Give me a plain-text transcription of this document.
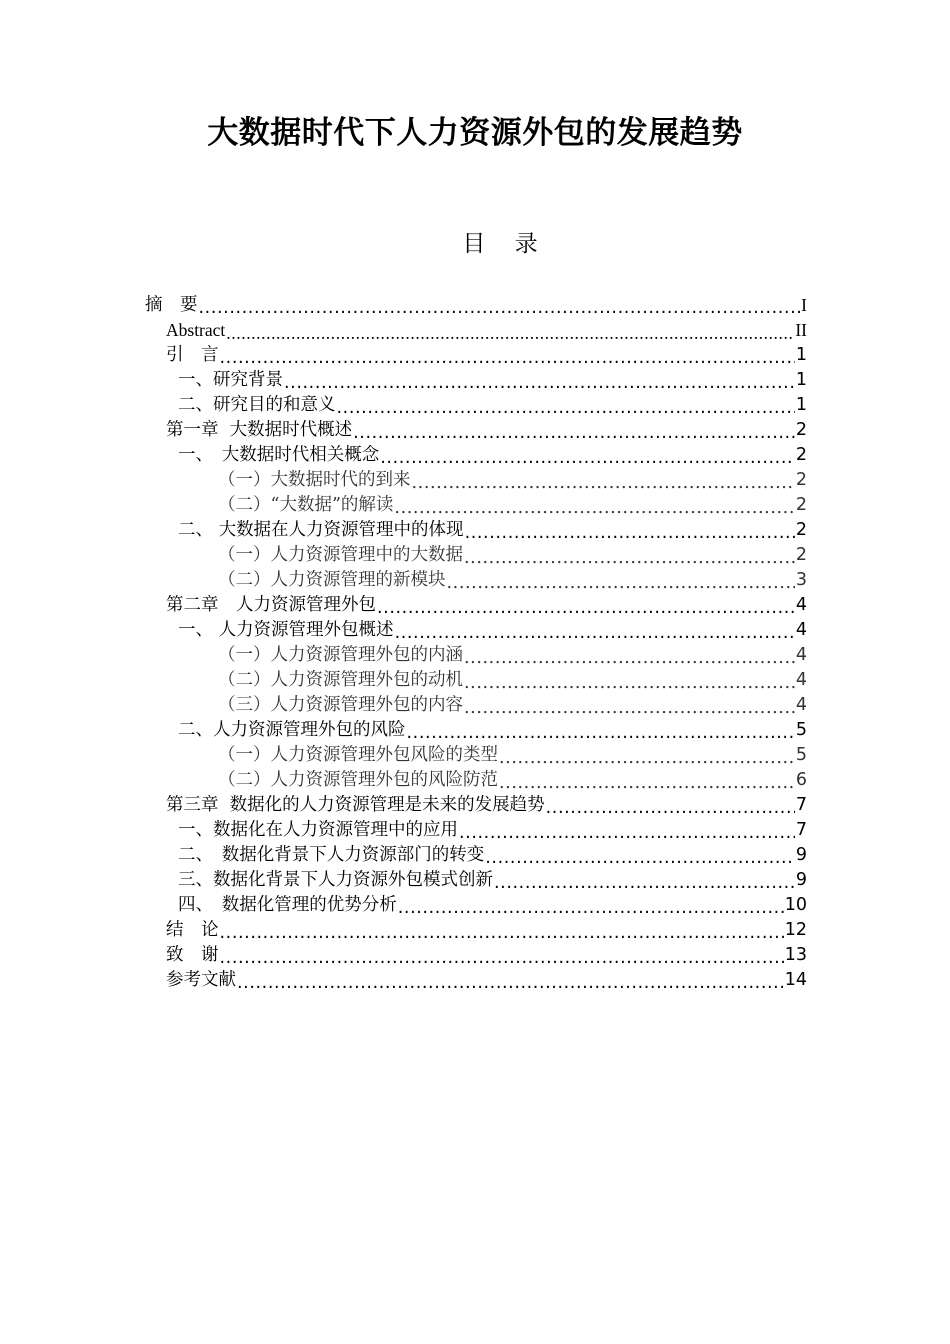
大数据时代下人力资源外包的发展趋势
目 录
摘　要 .....	I
Abstract .....	II
引　言 .....	1
一、研究背景 .....	1
二、研究目的和意义 .....	1
第一章  大数据时代概述 .....	2
一、　大数据时代相关概念 .....	2
（一）大数据时代的到来 .....	2
（二）“大数据”的解读 .....	2
二、 大数据在人力资源管理中的体现 .....	2
（一）人力资源管理中的大数据 .....	2
（二）人力资源管理的新模块 .....	3
第二章　人力资源管理外包 .....	4
一、 人力资源管理外包概述 .....	4
（一）人力资源管理外包的内涵 .....	4
（二）人力资源管理外包的动机 .....	4
（三）人力资源管理外包的内容 .....	4
二、人力资源管理外包的风险 .....	5
（一）人力资源管理外包风险的类型 .....	5
（二）人力资源管理外包的风险防范 .....	6
第三章  数据化的人力资源管理是未来的发展趋势 .....	7
一、数据化在人力资源管理中的应用 .....	7
二、　数据化背景下人力资源部门的转变 .....	9
三、数据化背景下人力资源外包模式创新 .....	9
四、　数据化管理的优势分析 .....	10
结　论 .....	12
致　谢 .....	13
参考文献 .....	14
